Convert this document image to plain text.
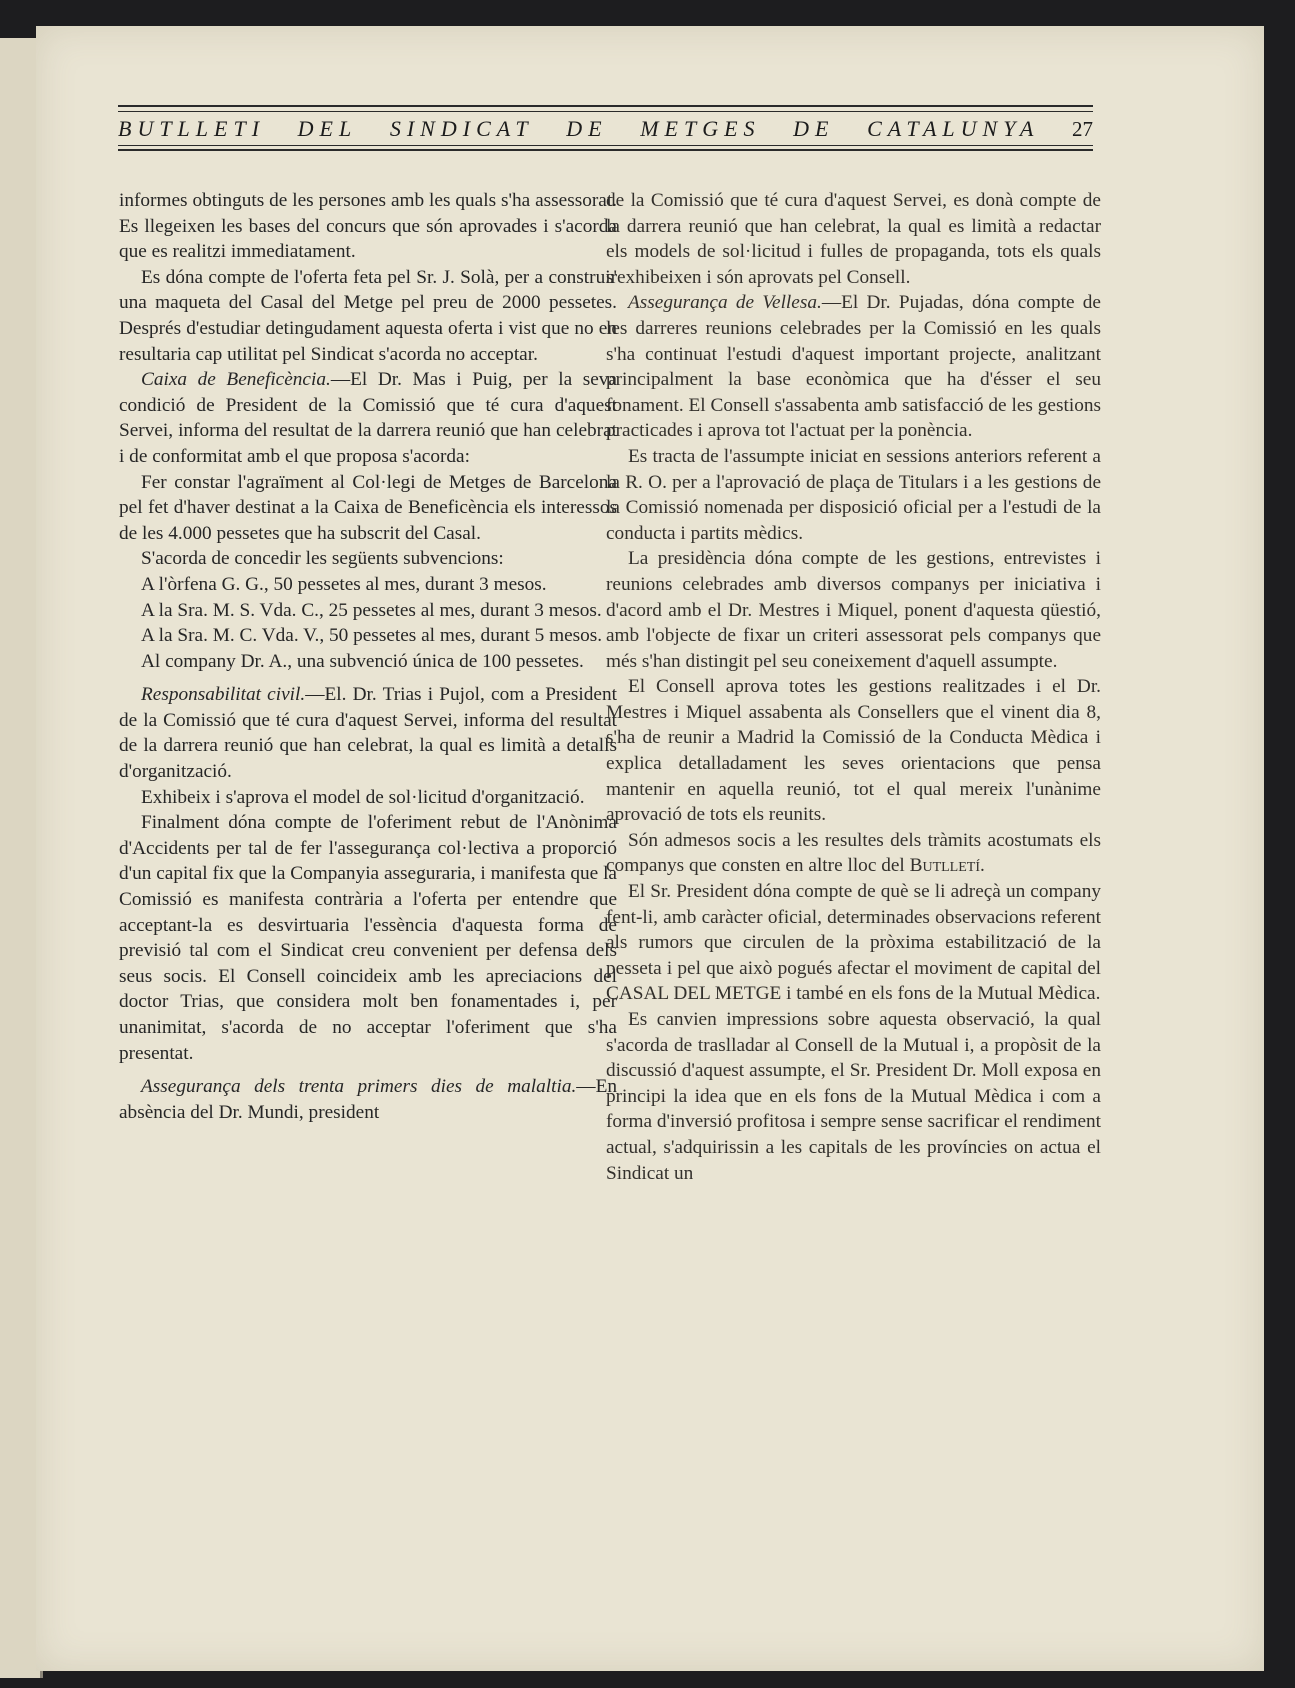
BUTLLETI DEL SINDICAT DE METGES DE CATALUNYA 27

informes obtinguts de les persones amb les quals s'ha assessorat. Es llegeixen les bases del concurs que són aprovades i s'acorda que es realitzi immediatament.

Es dóna compte de l'oferta feta pel Sr. J. Solà, per a construir una maqueta del Casal del Metge pel preu de 2000 pessetes. Després d'estudiar detingudament aquesta oferta i vist que no en resultaria cap utilitat pel Sindicat s'acorda no acceptar.

Caixa de Beneficència.—El Dr. Mas i Puig, per la seva condició de President de la Comissió que té cura d'aquest Servei, informa del resultat de la darrera reunió que han celebrat i de conformitat amb el que proposa s'acorda:

Fer constar l'agraïment al Col·legi de Metges de Barcelona pel fet d'haver destinat a la Caixa de Beneficència els interessos de les 4.000 pessetes que ha subscrit del Casal.

S'acorda de concedir les següents subvencions:

A l'òrfena G. G., 50 pessetes al mes, durant 3 mesos.

A la Sra. M. S. Vda. C., 25 pessetes al mes, durant 3 mesos.

A la Sra. M. C. Vda. V., 50 pessetes al mes, durant 5 mesos.

Al company Dr. A., una subvenció única de 100 pessetes.

Responsabilitat civil.—El. Dr. Trias i Pujol, com a President de la Comissió que té cura d'aquest Servei, informa del resultat de la darrera reunió que han celebrat, la qual es limità a detalls d'organització.

Exhibeix i s'aprova el model de sol·licitud d'organització.

Finalment dóna compte de l'oferiment rebut de l'Anònima d'Accidents per tal de fer l'assegurança col·lectiva a proporció d'un capital fix que la Companyia asseguraria, i manifesta que la Comissió es manifesta contrària a l'oferta per entendre que acceptant-la es desvirtuaria l'essència d'aquesta forma de previsió tal com el Sindicat creu convenient per defensa dels seus socis. El Consell coincideix amb les apreciacions del doctor Trias, que considera molt ben fonamentades i, per unanimitat, s'acorda de no acceptar l'oferiment que s'ha presentat.

Assegurança dels trenta primers dies de malaltia.—En absència del Dr. Mundi, president

de la Comissió que té cura d'aquest Servei, es donà compte de la darrera reunió que han celebrat, la qual es limità a redactar els models de sol·licitud i fulles de propaganda, tots els quals s'exhibeixen i són aprovats pel Consell.

Assegurança de Vellesa.—El Dr. Pujadas, dóna compte de les darreres reunions celebrades per la Comissió en les quals s'ha continuat l'estudi d'aquest important projecte, analitzant principalment la base econòmica que ha d'ésser el seu fonament. El Consell s'assabenta amb satisfacció de les gestions practicades i aprova tot l'actuat per la ponència.

Es tracta de l'assumpte iniciat en sessions anteriors referent a la R. O. per a l'aprovació de plaça de Titulars i a les gestions de la Comissió nomenada per disposició oficial per a l'estudi de la conducta i partits mèdics.

La presidència dóna compte de les gestions, entrevistes i reunions celebrades amb diversos companys per iniciativa i d'acord amb el Dr. Mestres i Miquel, ponent d'aquesta qüestió, amb l'objecte de fixar un criteri assessorat pels companys que més s'han distingit pel seu coneixement d'aquell assumpte.

El Consell aprova totes les gestions realitzades i el Dr. Mestres i Miquel assabenta als Consellers que el vinent dia 8, s'ha de reunir a Madrid la Comissió de la Conducta Mèdica i explica detalladament les seves orientacions que pensa mantenir en aquella reunió, tot el qual mereix l'unànime aprovació de tots els reunits.

Són admesos socis a les resultes dels tràmits acostumats els companys que consten en altre lloc del Butlletí.

El Sr. President dóna compte de què se li adreçà un company fent-li, amb caràcter oficial, determinades observacions referent als rumors que circulen de la pròxima estabilització de la pesseta i pel que això pogués afectar el moviment de capital del CASAL DEL METGE i també en els fons de la Mutual Mèdica.

Es canvien impressions sobre aquesta observació, la qual s'acorda de traslladar al Consell de la Mutual i, a propòsit de la discussió d'aquest assumpte, el Sr. President Dr. Moll exposa en principi la idea que en els fons de la Mutual Mèdica i com a forma d'inversió profitosa i sempre sense sacrificar el rendiment actual, s'adquirissin a les capitals de les províncies on actua el Sindicat un
